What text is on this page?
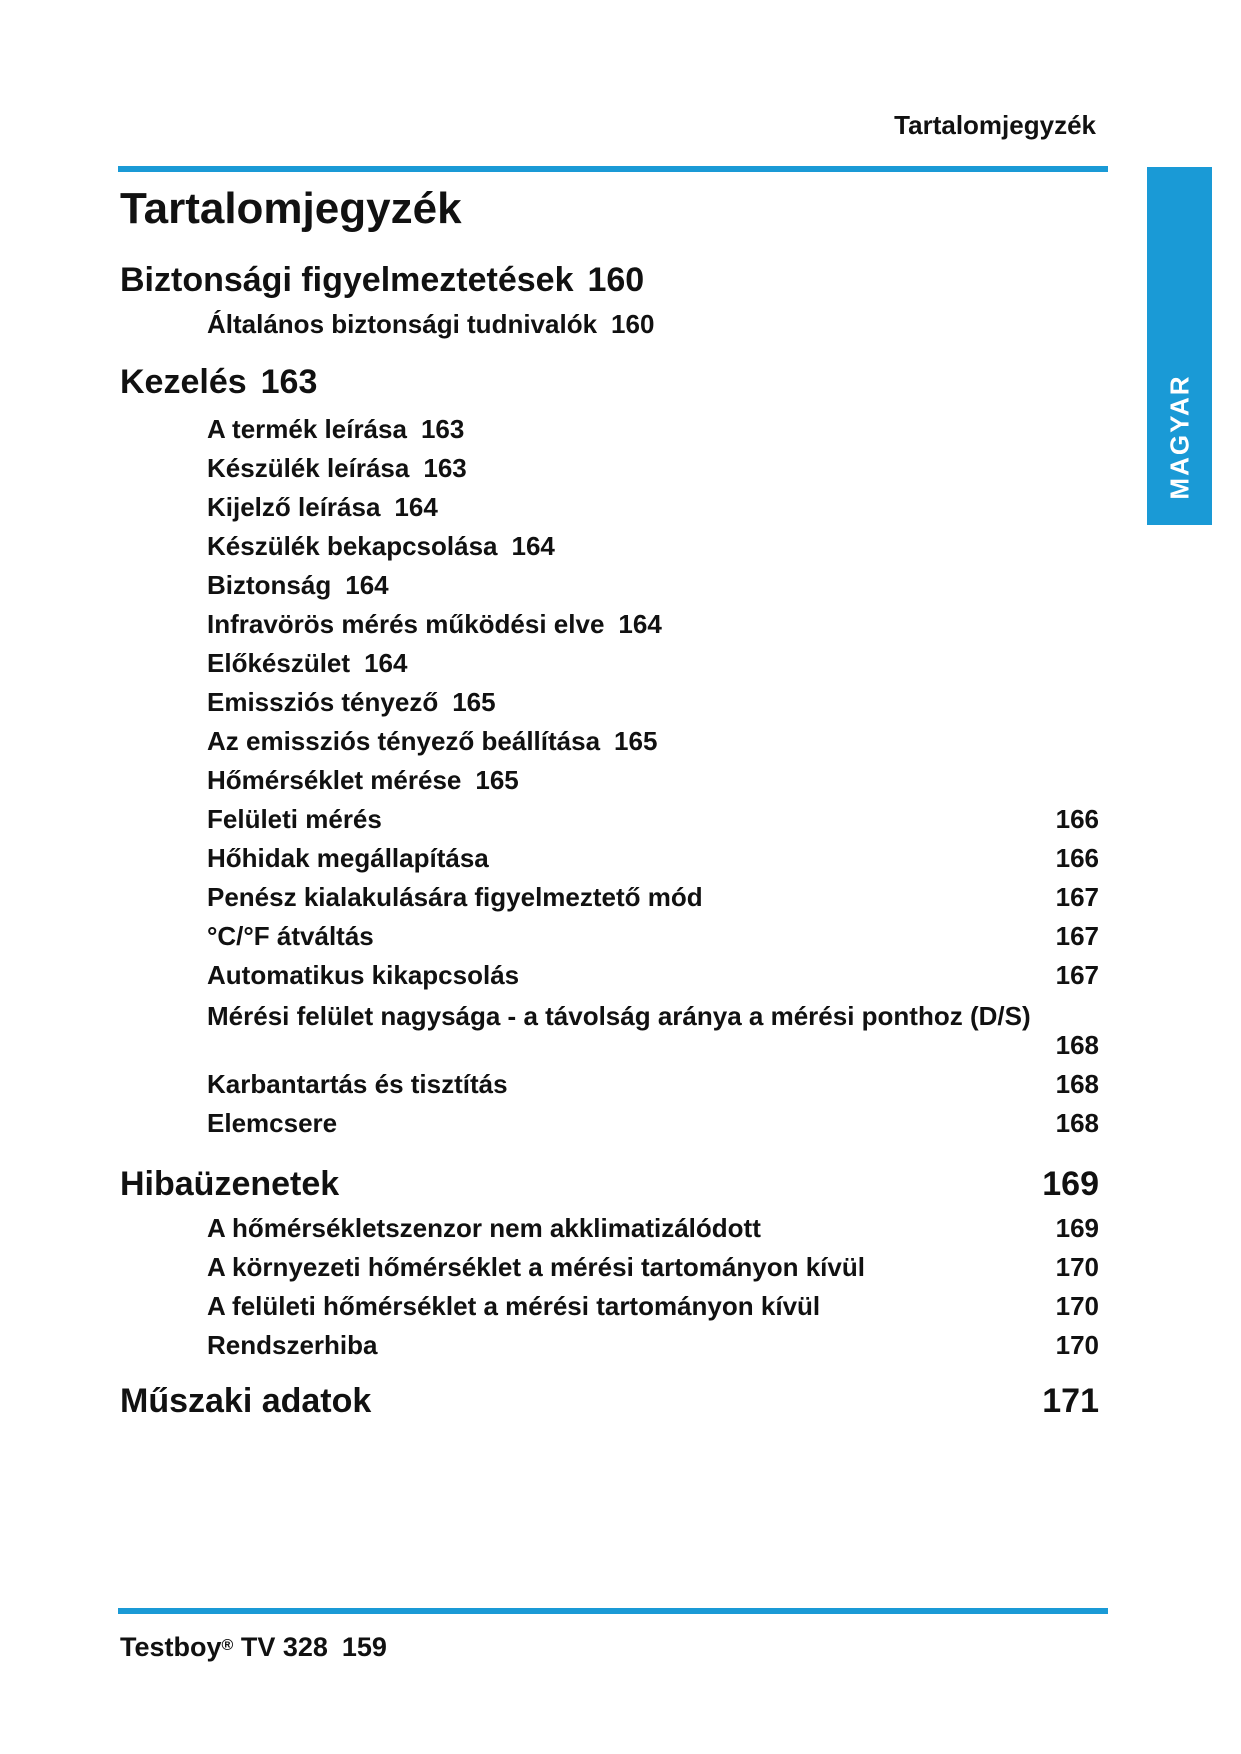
Tartalomjegyzék
MAGYAR
Tartalomjegyzék
Biztonsági figyelmeztetések 160
Általános biztonsági tudnivalók 160
Kezelés 163
A termék leírása 163
Készülék leírása 163
Kijelző leírása 164
Készülék bekapcsolása 164
Biztonság 164
Infravörös mérés működési elve 164
Előkészület 164
Emissziós tényező 165
Az emissziós tényező beállítása 165
Hőmérséklet mérése 165
Felületi mérés	166
Hőhidak megállapítása	166
Penész kialakulására figyelmeztető mód	167
°C/°F átváltás	167
Automatikus kikapcsolás	167
Mérési felület nagysága - a távolság aránya a mérési ponthoz (D/S)
168
Karbantartás és tisztítás	168
Elemcsere	168
Hibaüzenetek	169
A hőmérsékletszenzor nem akklimatizálódott	169
A környezeti hőmérséklet a mérési tartományon kívül	170
A felületi hőmérséklet a mérési tartományon kívül	170
Rendszerhiba	170
Műszaki adatok	171
Testboy® TV 328 159
